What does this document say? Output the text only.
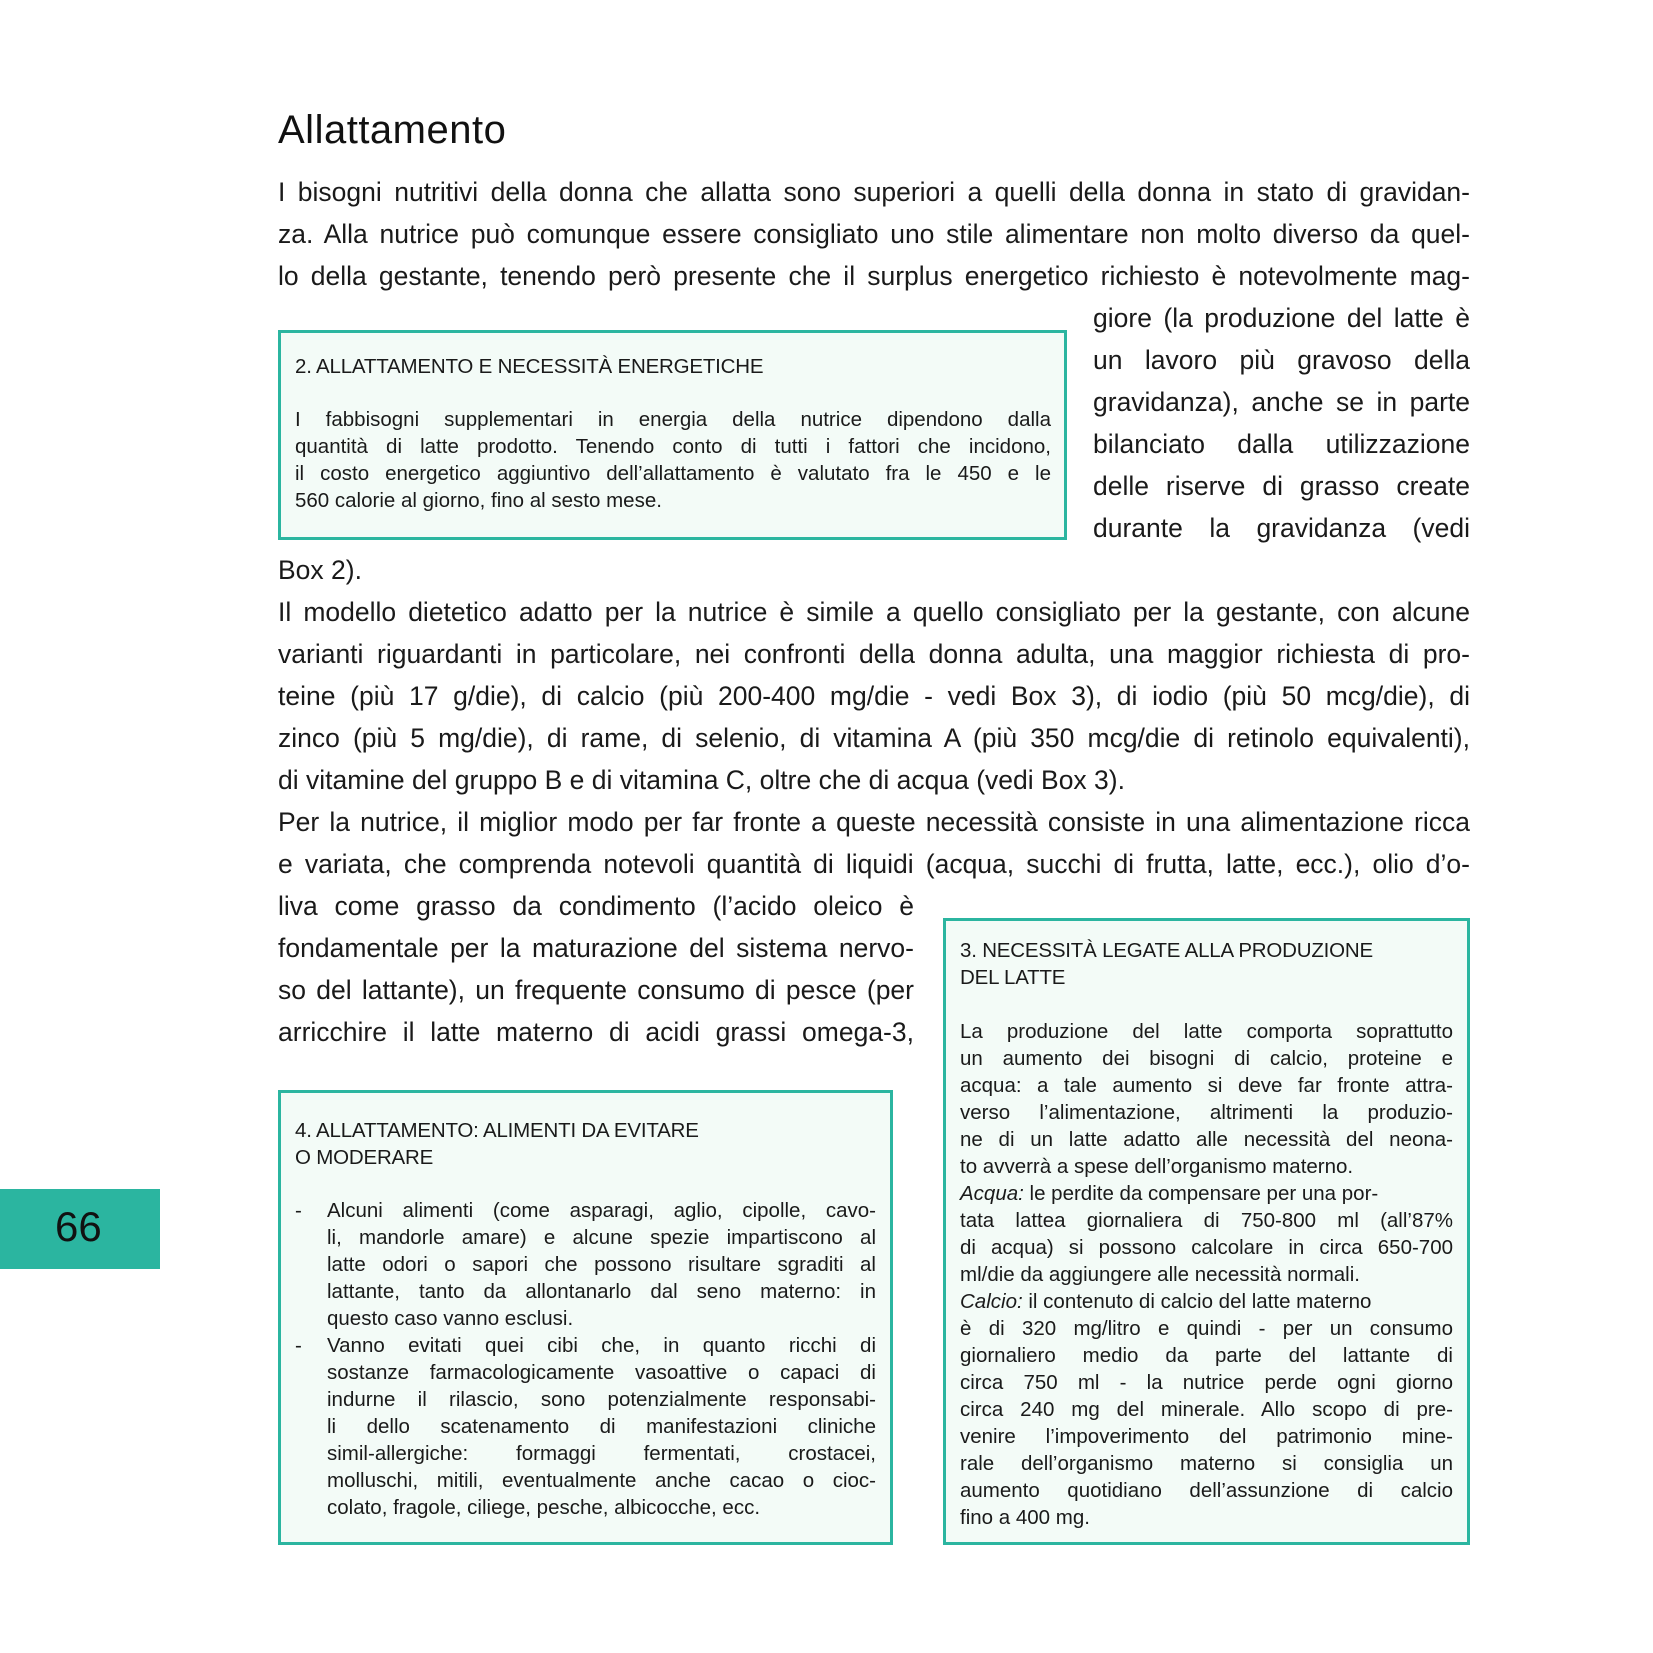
Allattamento
I bisogni nutritivi della donna che allatta sono superiori a quelli della donna in stato di gravidan-
za. Alla nutrice può comunque essere consigliato uno stile alimentare non molto diverso da quel-
lo della gestante, tenendo però presente che il surplus energetico richiesto è notevolmente mag-
giore (la produzione del latte è
un lavoro più gravoso della
gravidanza), anche se in parte
bilanciato dalla utilizzazione
delle riserve di grasso create
durante la gravidanza (vedi
Box 2).
Il modello dietetico adatto per la nutrice è simile a quello consigliato per la gestante, con alcune
varianti riguardanti in particolare, nei confronti della donna adulta, una maggior richiesta di pro-
teine (più 17 g/die), di calcio (più 200-400 mg/die - vedi Box 3), di iodio (più 50 mcg/die), di
zinco (più 5 mg/die), di rame, di selenio, di vitamina A (più 350 mcg/die di retinolo equivalenti),
di vitamine del gruppo B e di vitamina C, oltre che di acqua (vedi Box 3).
Per la nutrice, il miglior modo per far fronte a queste necessità consiste in una alimentazione ricca
e variata, che comprenda notevoli quantità di liquidi (acqua, succhi di frutta, latte, ecc.), olio d’o-
liva come grasso da condimento (l’acido oleico è
fondamentale per la maturazione del sistema nervo-
so del lattante), un frequente consumo di pesce (per
arricchire il latte materno di acidi grassi omega-3,
2. ALLATTAMENTO E NECESSITÀ ENERGETICHE
I fabbisogni supplementari in energia della nutrice dipendono dalla
quantità di latte prodotto. Tenendo conto di tutti i fattori che incidono,
il costo energetico aggiuntivo dell’allattamento è valutato fra le 450 e le
560 calorie al giorno, fino al sesto mese.
3. NECESSITÀ LEGATE ALLA PRODUZIONE
DEL LATTE
La produzione del latte comporta soprattutto
un aumento dei bisogni di calcio, proteine e
acqua: a tale aumento si deve far fronte attra-
verso l’alimentazione, altrimenti la produzio-
ne di un latte adatto alle necessità del neona-
to avverrà a spese dell’organismo materno.
Acqua: le perdite da compensare per una por-
tata lattea giornaliera di 750-800 ml (all’87%
di acqua) si possono calcolare in circa 650-700
ml/die da aggiungere alle necessità normali.
Calcio: il contenuto di calcio del latte materno
è di 320 mg/litro e quindi - per un consumo
giornaliero medio da parte del lattante di
circa 750 ml - la nutrice perde ogni giorno
circa 240 mg del minerale. Allo scopo di pre-
venire l’impoverimento del patrimonio mine-
rale dell’organismo materno si consiglia un
aumento quotidiano dell’assunzione di calcio
fino a 400 mg.
4. ALLATTAMENTO: ALIMENTI DA EVITARE
O MODERARE
- Alcuni alimenti (come asparagi, aglio, cipolle, cavo-
li, mandorle amare) e alcune spezie impartiscono al
latte odori o sapori che possono risultare sgraditi al
lattante, tanto da allontanarlo dal seno materno: in
questo caso vanno esclusi.
- Vanno evitati quei cibi che, in quanto ricchi di
sostanze farmacologicamente vasoattive o capaci di
indurne il rilascio, sono potenzialmente responsabi-
li dello scatenamento di manifestazioni cliniche
simil-allergiche: formaggi fermentati, crostacei,
molluschi, mitili, eventualmente anche cacao o cioc-
colato, fragole, ciliege, pesche, albicocche, ecc.
66
